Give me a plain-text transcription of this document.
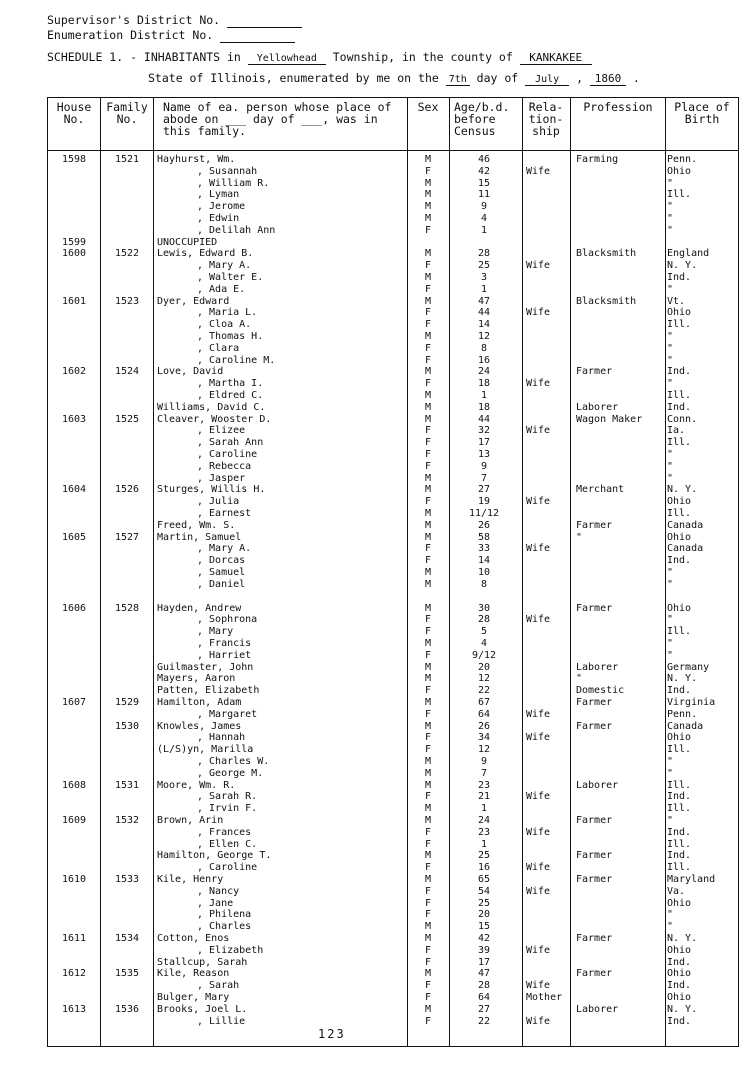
Supervisor's District No.
Enumeration District No.
SCHEDULE 1. - INHABITANTS in Yellowhead Township, in the county of KANKAKEE
State of Illinois, enumerated by me on the 7th day of July , 1860 .
House No.
Family No.
Name of ea. person whose place of abode on ___ day of ___, was in this family.
Sex	Age/b.d. before Census
Rela- tion- ship
Profession	Place of Birth
1598	1521	Hayhurst, Wm.	M	46	Farming	Penn.
, Susannah	F	42	Wife	Ohio
, William R.	M	15	"
, Lyman	M	11	Ill.
, Jerome	M	9	"
, Edwin	M	4	"
, Delilah Ann	F	1	"
1599	UNOCCUPIED
1600	1522	Lewis, Edward B.	M	28	Blacksmith	England
, Mary A.	F	25	Wife	N. Y.
, Walter E.	M	3	Ind.
, Ada E.	F	1	"
1601	1523	Dyer, Edward	M	47	Blacksmith	Vt.
, Maria L.	F	44	Wife	Ohio
, Cloa A.	F	14	Ill.
, Thomas H.	M	12	"
, Clara	F	8	"
, Caroline M.	F	16	"
1602	1524	Love, David	M	24	Farmer	Ind.
, Martha I.	F	18	Wife	"
, Eldred C.	M	1	Ill.
Williams, David C.	M	18	Laborer	Ind.
1603	1525	Cleaver, Wooster D.	M	44	Wagon Maker	Conn.
, Elizee	F	32	Wife	Ia.
, Sarah Ann	F	17	Ill.
, Caroline	F	13	"
, Rebecca	F	9	"
, Jasper	M	7	"
1604	1526	Sturges, Willis H.	M	27	Merchant	N. Y.
, Julia	F	19	Wife	Ohio
, Earnest	M	11/12	Ill.
Freed, Wm. S.	M	26	Farmer	Canada
1605	1527	Martin, Samuel	M	58	"	Ohio
, Mary A.	F	33	Wife	Canada
, Dorcas	F	14	Ind.
, Samuel	M	10	"
, Daniel	M	8	"
1606	1528	Hayden, Andrew	M	30	Farmer	Ohio
, Sophrona	F	28	Wife	"
, Mary	F	5	Ill.
, Francis	M	4	"
, Harriet	F	9/12	"
Guilmaster, John	M	20	Laborer	Germany
Mayers, Aaron	M	12	"	N. Y.
Patten, Elizabeth	F	22	Domestic	Ind.
1607	1529	Hamilton, Adam	M	67	Farmer	Virginia
, Margaret	F	64	Wife	Penn.
1530	Knowles, James	M	26	Farmer	Canada
, Hannah	F	34	Wife	Ohio
(L/S)yn, Marilla	F	12	Ill.
, Charles W.	M	9	"
, George M.	M	7	"
1608	1531	Moore, Wm. R.	M	23	Laborer	Ill.
, Sarah R.	F	21	Wife	Ind.
, Irvin F.	M	1	Ill.
1609	1532	Brown, Arin	M	24	Farmer	"
, Frances	F	23	Wife	Ind.
, Ellen C.	F	1	Ill.
Hamilton, George T.	M	25	Farmer	Ind.
, Caroline	F	16	Wife	Ill.
1610	1533	Kile, Henry	M	65	Farmer	Maryland
, Nancy	F	54	Wife	Va.
, Jane	F	25	Ohio
, Philena	F	20	"
, Charles	M	15	"
1611	1534	Cotton, Enos	M	42	Farmer	N. Y.
, Elizabeth	F	39	Wife	Ohio
Stallcup, Sarah	F	17	Ind.
1612	1535	Kile, Reason	M	47	Farmer	Ohio
, Sarah	F	28	Wife	Ind.
Bulger, Mary	F	64	Mother	Ohio
1613	1536	Brooks, Joel L.	M	27	Laborer	N. Y.
, Lillie	F	22	Wife	Ind.
123
